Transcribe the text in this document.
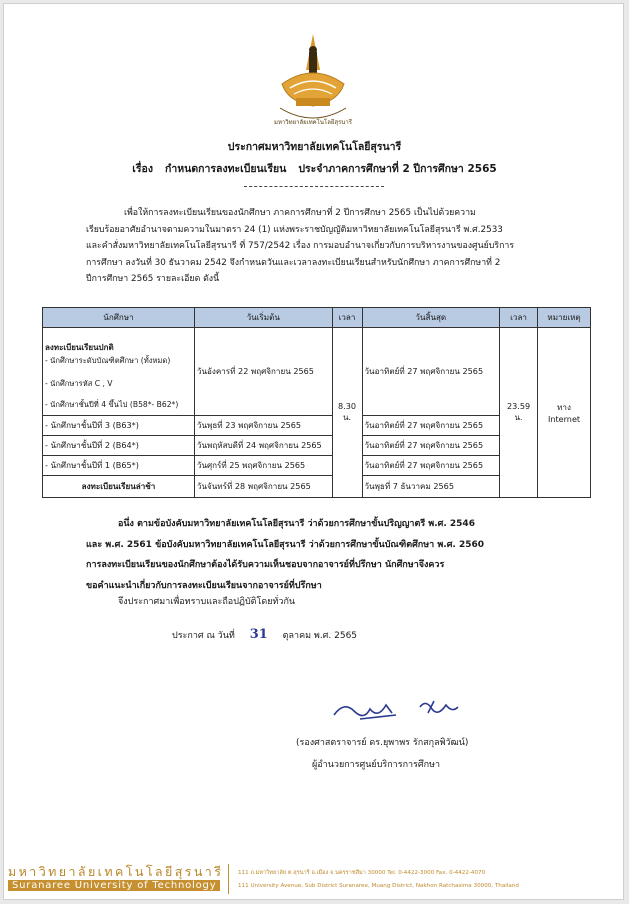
มหาวิทยาลัยเทคโนโลยีสุรนารี
ประกาศมหาวิทยาลัยเทคโนโลยีสุรนารี
เรื่อง กำหนดการลงทะเบียนเรียน ประจำภาคการศึกษาที่ 2 ปีการศึกษา 2565
เพื่อให้การลงทะเบียนเรียนของนักศึกษา ภาคการศึกษาที่ 2 ปีการศึกษา 2565 เป็นไปด้วยความ
เรียบร้อยอาศัยอำนาจตามความในมาตรา 24 (1) แห่งพระราชบัญญัติมหาวิทยาลัยเทคโนโลยีสุรนารี พ.ศ.2533
และคำสั่งมหาวิทยาลัยเทคโนโลยีสุรนารี ที่ 757/2542 เรื่อง การมอบอำนาจเกี่ยวกับการบริหารงานของศูนย์บริการ
การศึกษา ลงวันที่ 30 ธันวาคม 2542 จึงกำหนดวันและเวลาลงทะเบียนเรียนสำหรับนักศึกษา ภาคการศึกษาที่ 2
ปีการศึกษา 2565 รายละเอียด ดังนี้
นักศึกษา	วันเริ่มต้น	เวลา	วันสิ้นสุด	เวลา	หมายเหตุ

ลงทะเบียนเรียนปกติ
- นักศึกษาระดับบัณฑิตศึกษา (ทั้งหมด)

- นักศึกษารหัส C , V

- นักศึกษาชั้นปีที่ 4 ขึ้นไป (B58*- B62*)	วันอังคารที่ 22 พฤศจิกายน 2565	8.30 น.	วันอาทิตย์ที่ 27 พฤศจิกายน 2565	23.59 น.	ทาง
Internet
- นักศึกษาชั้นปีที่ 3 (B63*)	วันพุธที่ 23 พฤศจิกายน 2565		วันอาทิตย์ที่ 27 พฤศจิกายน 2565		
- นักศึกษาชั้นปีที่ 2 (B64*)	วันพฤหัสบดีที่ 24 พฤศจิกายน 2565		วันอาทิตย์ที่ 27 พฤศจิกายน 2565		
- นักศึกษาชั้นปีที่ 1 (B65*)	วันศุกร์ที่ 25 พฤศจิกายน 2565		วันอาทิตย์ที่ 27 พฤศจิกายน 2565		
ลงทะเบียนเรียนล่าช้า	วันจันทร์ที่ 28 พฤศจิกายน 2565		วันพุธที่ 7 ธันวาคม 2565		
อนึ่ง ตามข้อบังคับมหาวิทยาลัยเทคโนโลยีสุรนารี ว่าด้วยการศึกษาขั้นปริญญาตรี พ.ศ. 2546
และ พ.ศ. 2561 ข้อบังคับมหาวิทยาลัยเทคโนโลยีสุรนารี ว่าด้วยการศึกษาขั้นบัณฑิตศึกษา พ.ศ. 2560
การลงทะเบียนเรียนของนักศึกษาต้องได้รับความเห็นชอบจากอาจารย์ที่ปรึกษา นักศึกษาจึงควร
ขอคำแนะนำเกี่ยวกับการลงทะเบียนเรียนจากอาจารย์ที่ปรึกษา
จึงประกาศมาเพื่อทราบและถือปฏิบัติโดยทั่วกัน
ประกาศ ณ วันที่ 31 ตุลาคม พ.ศ. 2565
(รองศาสตราจารย์ ดร.ยุพาพร รักสกุลพิวัฒน์)
ผู้อำนวยการศูนย์บริการการศึกษา
มหาวิทยาลัยเทคโนโลยีสุรนารี
Suranaree University of Technology
111 ถ.มหาวิทยาลัย ต.สุรนารี อ.เมือง จ.นครราชสีมา 30000 Tel. 0-4422-3000 Fax. 0-4422-4070
111 University Avenue, Sub District Suranaree, Muang District, Nakhon Ratchasima 30000, Thailand
